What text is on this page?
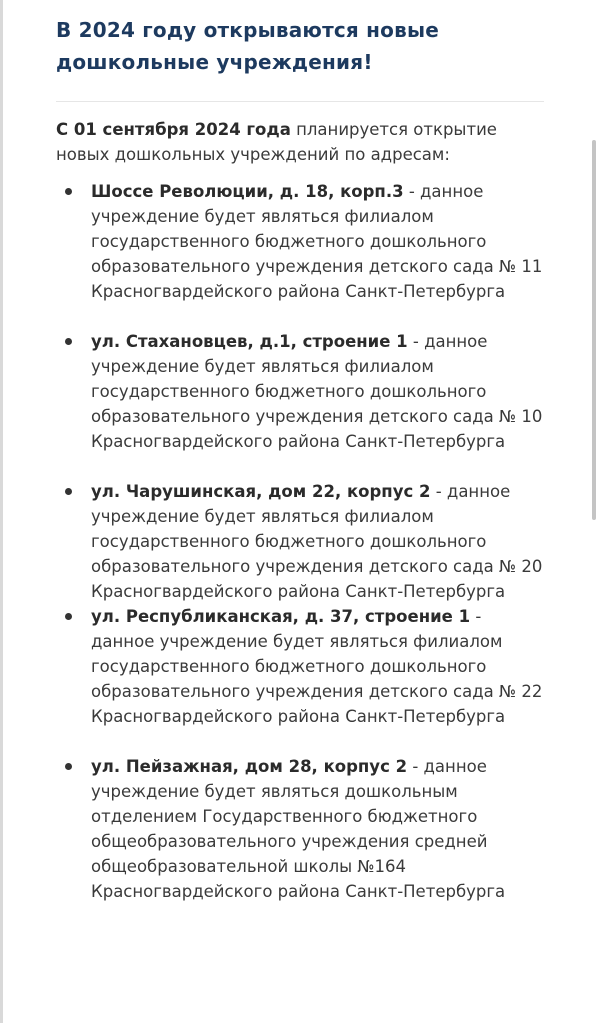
В 2024 году открываются новые
дошкольные учреждения!

С 01 сентября 2024 года планируется открытие новых дошкольных учреждений по адресам:

Шоссе Революции, д. 18, корп.3 - данное учреждение будет являться филиалом государственного бюджетного дошкольного образовательного учреждения детского сада № 11 Красногвардейского района Санкт-Петербурга
ул. Стахановцев, д.1, строение 1 - данное учреждение будет являться филиалом государственного бюджетного дошкольного образовательного учреждения детского сада № 10 Красногвардейского района Санкт-Петербурга
ул. Чарушинская, дом 22, корпус 2 - данное учреждение будет являться филиалом государственного бюджетного дошкольного образовательного учреждения детского сада № 20 Красногвардейского района Санкт-Петербурга
ул. Республиканская, д. 37, строение 1 - данное учреждение будет являться филиалом государственного бюджетного дошкольного образовательного учреждения детского сада № 22 Красногвардейского района Санкт-Петербурга
ул. Пейзажная, дом 28, корпус 2 - данное учреждение будет являться дошкольным отделением Государственного бюджетного общеобразовательного учреждения средней общеобразовательной школы №164 Красногвардейского района Санкт-Петербурга
